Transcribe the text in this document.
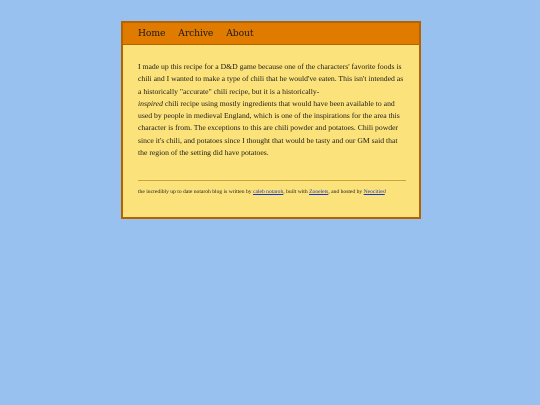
Home Archive About

I made up this recipe for a D&D game because one of the characters' favorite foods is chili and I wanted to make a type of chili that he would've eaten. This isn't intended as a historically "accurate" chili recipe, but it is a historically-
inspired chili recipe using mostly ingredients that would have been available to and used by people in medieval England, which is one of the inspirations for the area this character is from. The exceptions to this are chili powder and potatoes. Chili powder since it's chili, and potatoes since I thought that would be tasty and our GM said that the region of the setting did have potatoes.

the incredibly up to date notaroh blog is written by caleb notaroh, built with Zonelets, and hosted by Neocities!
